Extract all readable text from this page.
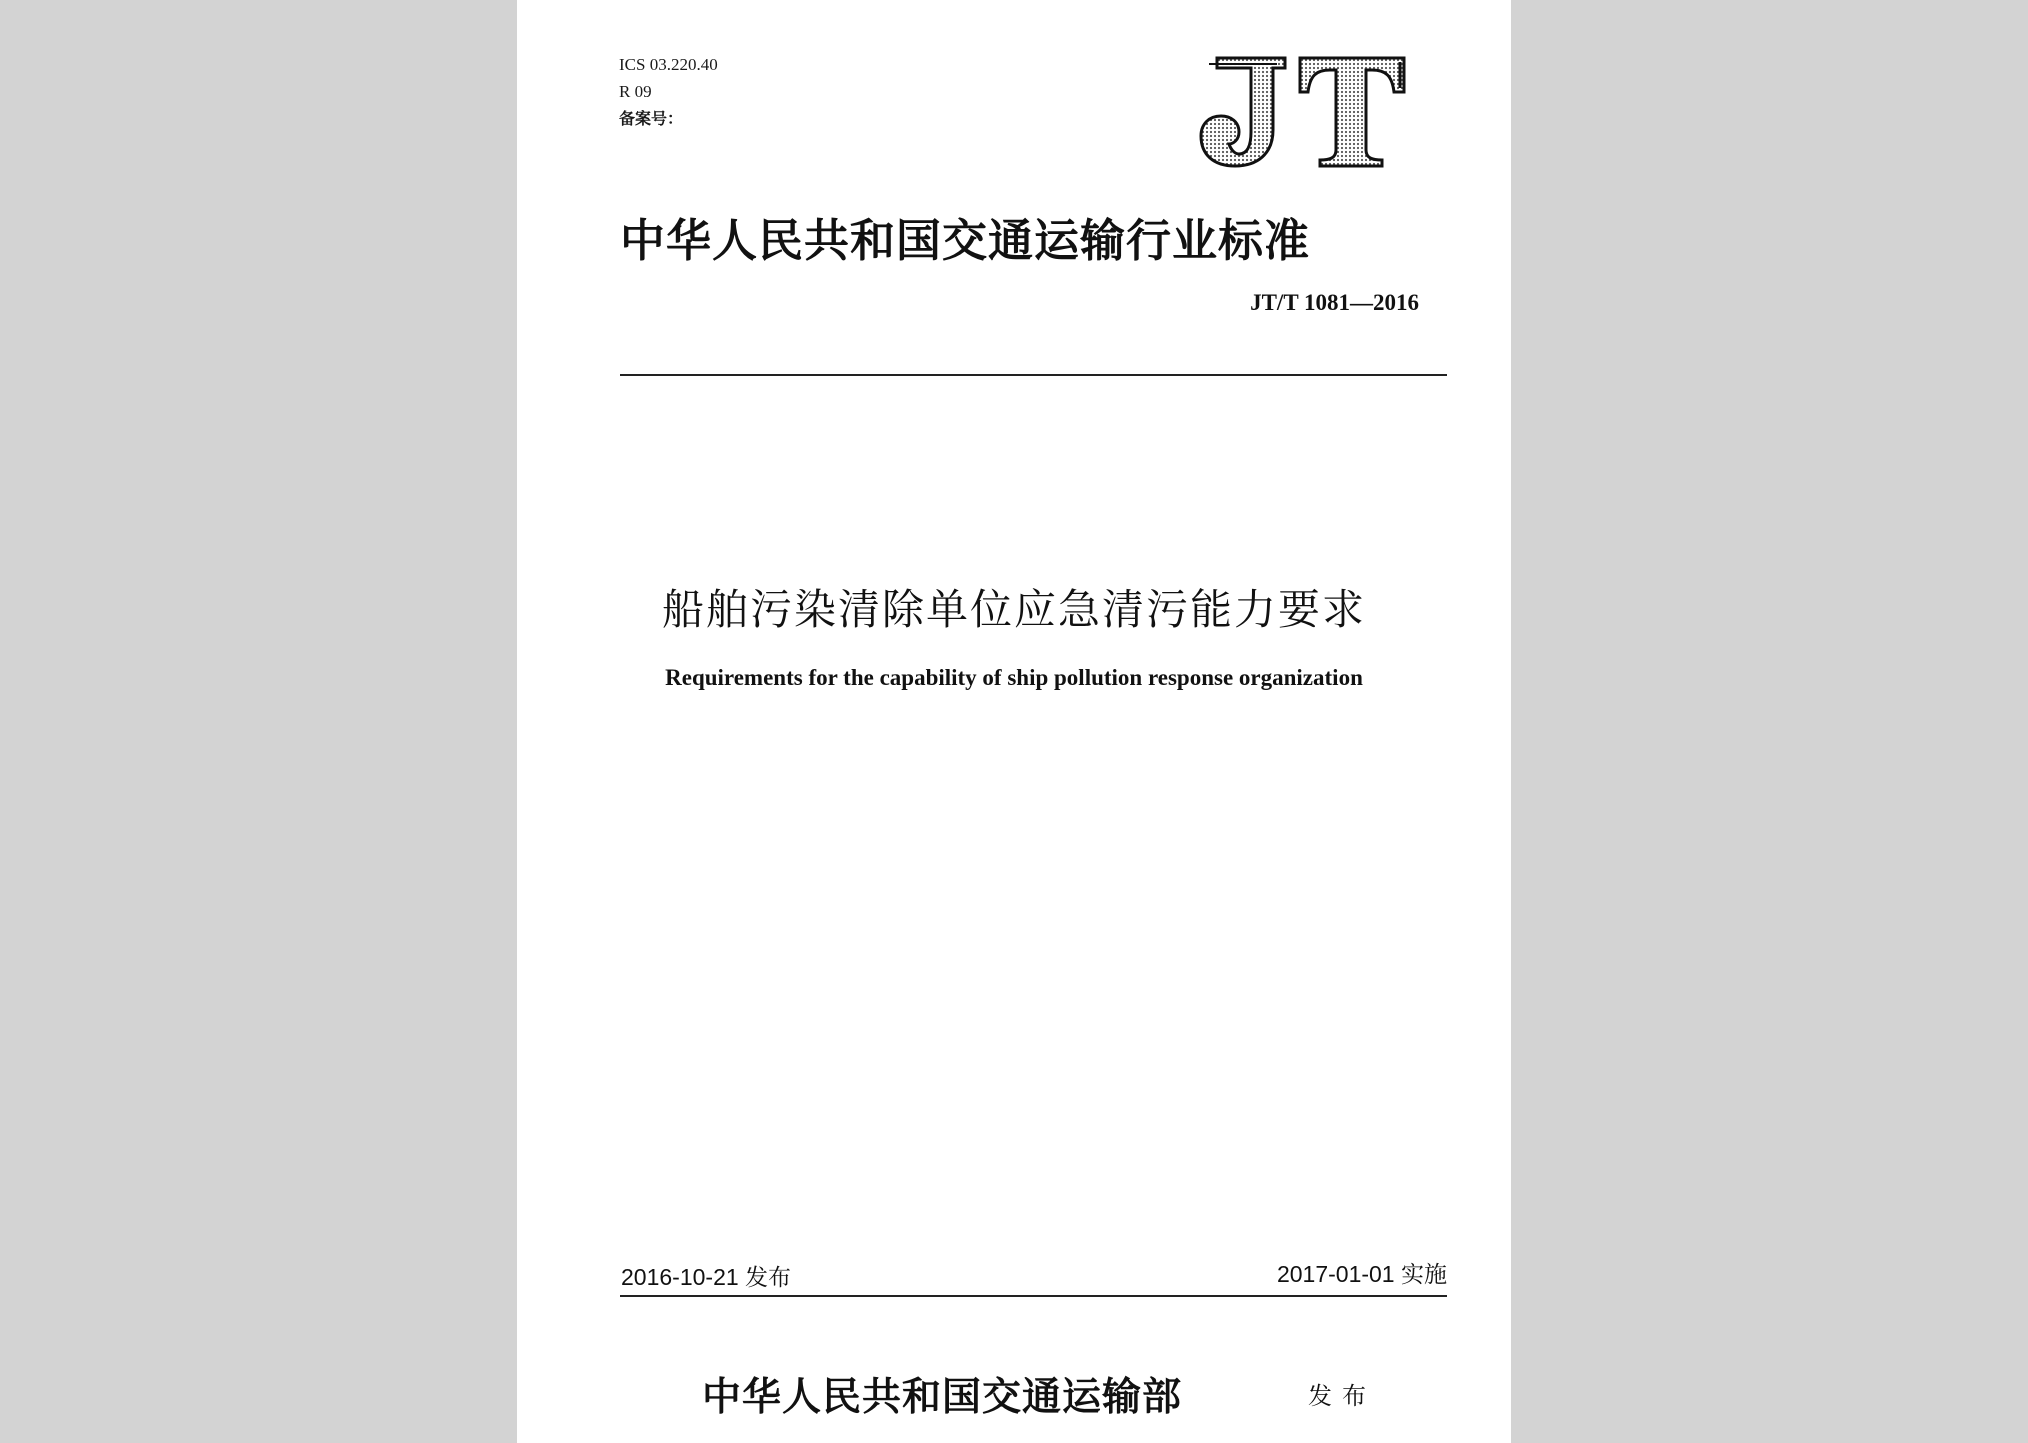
ICS 03.220.40
R 09
备案号：
中华人民共和国交通运输行业标准
JT/T 1081—2016
船舶污染清除单位应急清污能力要求
Requirements for the capability of ship pollution response organization
2016-10-21 发布	2017-01-01 实施
中华人民共和国交通运输部	发布
